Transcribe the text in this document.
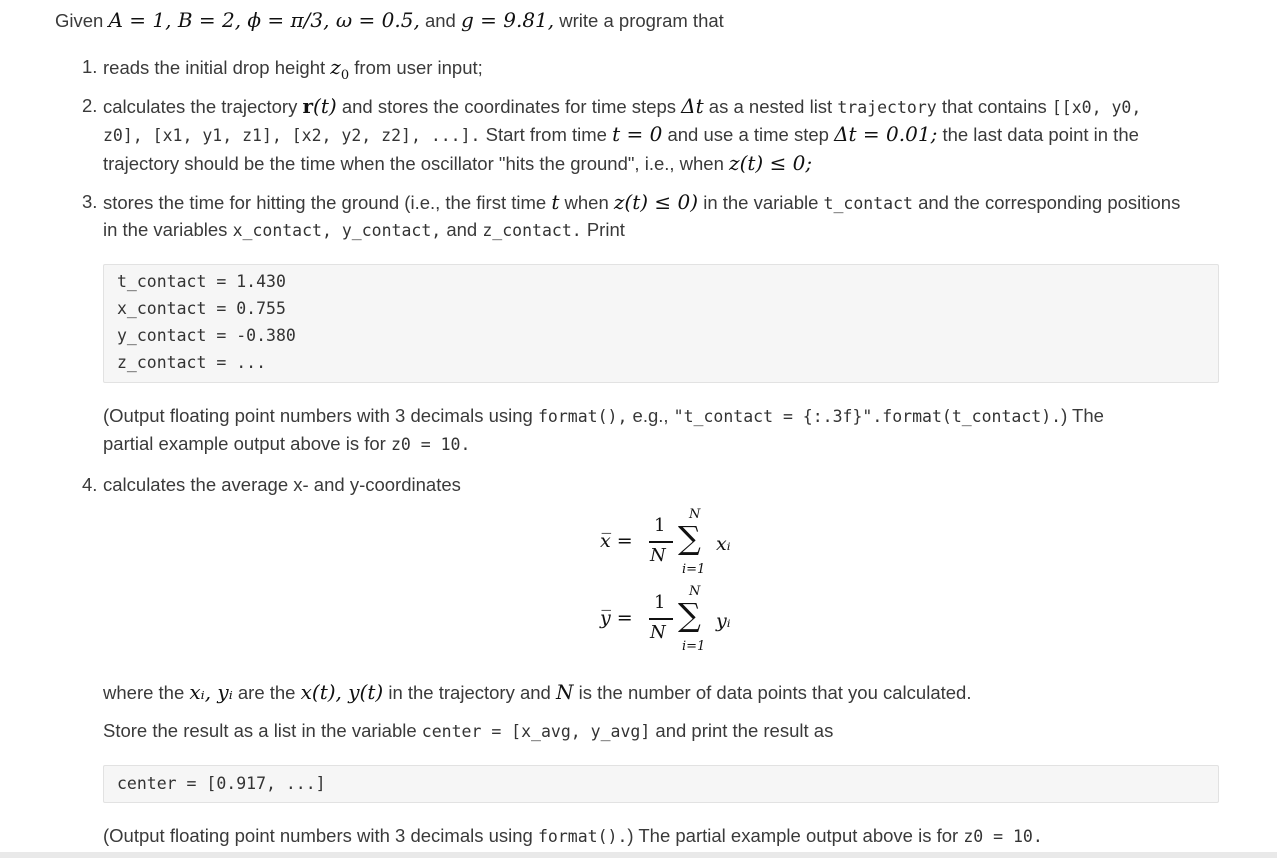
Given A = 1, B = 2, ϕ = π/3, ω = 0.5, and g = 9.81, write a program that
1. reads the initial drop height $z_0$ from user input;
2. calculates the trajectory r(t) and stores the coordinates for time steps Δt as a nested list trajectory that contains [[x0, y0,
z0], [x1, y1, z1], [x2, y2, z2], ...]. Start from time t = 0 and use a time step Δt = 0.01; the last data point in the
trajectory should be the time when the oscillator "hits the ground", i.e., when z(t) ≤ 0;
3. stores the time for hitting the ground (i.e., the first time t when z(t) ≤ 0) in the variable t_contact and the corresponding positions
in the variables x_contact, y_contact, and z_contact. Print
t_contact = 1.430
x_contact = 0.755
y_contact = -0.380
z_contact = ...
(Output floating point numbers with 3 decimals using format(), e.g., "t_contact = {:.3f}".format(t_contact).) The
partial example output above is for z0 = 10.
4. calculates the average x- and y-coordinates
x̅ =
1
N
N
∑
i=1
xᵢ
y̅ =
1
N
N
∑
i=1
yᵢ
where the xᵢ, yᵢ are the x(t), y(t) in the trajectory and N is the number of data points that you calculated.
Store the result as a list in the variable center = [x_avg, y_avg] and print the result as
center = [0.917, ...]
(Output floating point numbers with 3 decimals using format().) The partial example output above is for z0 = 10.
